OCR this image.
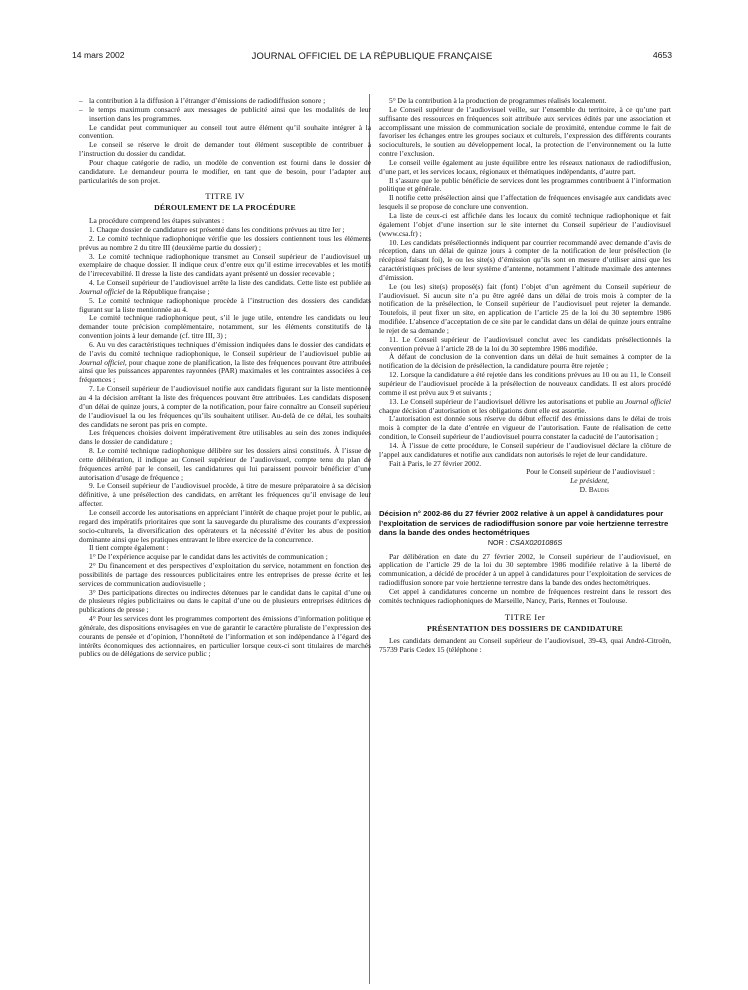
JOURNAL OFFICIEL DE LA RÉPUBLIQUE FRANÇAISE
14 mars 2002	4653

– la contribution à la diffusion à l’étranger d’émissions de radiodiffusion sonore ;

– le temps maximum consacré aux messages de publicité ainsi que les modalités de leur insertion dans les programmes.

Le candidat peut communiquer au conseil tout autre élément qu’il souhaite intégrer à la convention.

Le conseil se réserve le droit de demander tout élément susceptible de contribuer à l’instruction du dossier du candidat.

Pour chaque catégorie de radio, un modèle de convention est fourni dans le dossier de candidature. Le demandeur pourra le modifier, en tant que de besoin, pour l’adapter aux particularités de son projet.

TITRE IV

DÉROULEMENT DE LA PROCÉDURE

La procédure comprend les étapes suivantes :

1. Chaque dossier de candidature est présenté dans les conditions prévues au titre Ier ;

2. Le comité technique radiophonique vérifie que les dossiers contiennent tous les éléments prévus au nombre 2 du titre III (deuxième partie du dossier) ;

3. Le comité technique radiophonique transmet au Conseil supérieur de l’audiovisuel un exemplaire de chaque dossier. Il indique ceux d’entre eux qu’il estime irrecevables et les motifs de l’irrecevabilité. Il dresse la liste des candidats ayant présenté un dossier recevable ;

4. Le Conseil supérieur de l’audiovisuel arrête la liste des candidats. Cette liste est publiée au Journal officiel de la République française ;

5. Le comité technique radiophonique procède à l’instruction des dossiers des candidats figurant sur la liste mentionnée au 4.

Le comité technique radiophonique peut, s’il le juge utile, entendre les candidats ou leur demander toute précision complémentaire, notamment, sur les éléments constitutifs de la convention joints à leur demande (cf. titre III, 3) ;

6. Au vu des caractéristiques techniques d’émission indiquées dans le dossier des candidats et de l’avis du comité technique radiophonique, le Conseil supérieur de l’audiovisuel publie au Journal officiel, pour chaque zone de planification, la liste des fréquences pouvant être attribuées ainsi que les puissances apparentes rayonnées (PAR) maximales et les contraintes associées à ces fréquences ;

7. Le Conseil supérieur de l’audiovisuel notifie aux candidats figurant sur la liste mentionnée au 4 la décision arrêtant la liste des fréquences pouvant être attribuées. Les candidats disposent d’un délai de quinze jours, à compter de la notification, pour faire connaître au Conseil supérieur de l’audiovisuel la ou les fréquences qu’ils souhaitent utiliser. Au-delà de ce délai, les souhaits des candidats ne seront pas pris en compte.

Les fréquences choisies doivent impérativement être utilisables au sein des zones indiquées dans le dossier de candidature ;

8. Le comité technique radiophonique délibère sur les dossiers ainsi constitués. À l’issue de cette délibération, il indique au Conseil supérieur de l’audiovisuel, compte tenu du plan de fréquences arrêté par le conseil, les candidatures qui lui paraissent pouvoir bénéficier d’une autorisation d’usage de fréquence ;

9. Le Conseil supérieur de l’audiovisuel procède, à titre de mesure préparatoire à sa décision définitive, à une présélection des candidats, en arrêtant les fréquences qu’il envisage de leur affecter.

Le conseil accorde les autorisations en appréciant l’intérêt de chaque projet pour le public, au regard des impératifs prioritaires que sont la sauvegarde du pluralisme des courants d’expression socio-culturels, la diversification des opérateurs et la nécessité d’éviter les abus de position dominante ainsi que les pratiques entravant le libre exercice de la concurrence.

Il tient compte également :

1° De l’expérience acquise par le candidat dans les activités de communication ;

2° Du financement et des perspectives d’exploitation du service, notamment en fonction des possibilités de partage des ressources publicitaires entre les entreprises de presse écrite et les services de communication audiovisuelle ;

3° Des participations directes ou indirectes détenues par le candidat dans le capital d’une ou de plusieurs régies publicitaires ou dans le capital d’une ou de plusieurs entreprises éditrices de publications de presse ;

4° Pour les services dont les programmes comportent des émissions d’information politique et générale, des dispositions envisagées en vue de garantir le caractère pluraliste de l’expression des courants de pensée et d’opinion, l’honnêteté de l’information et son indépendance à l’égard des intérêts économiques des actionnaires, en particulier lorsque ceux-ci sont titulaires de marchés publics ou de délégations de service public ;

5° De la contribution à la production de programmes réalisés localement.

Le Conseil supérieur de l’audiovisuel veille, sur l’ensemble du territoire, à ce qu’une part suffisante des ressources en fréquences soit attribuée aux services édités par une association et accomplissant une mission de communication sociale de proximité, entendue comme le fait de favoriser les échanges entre les groupes sociaux et culturels, l’expression des différents courants socioculturels, le soutien au développement local, la protection de l’environnement ou la lutte contre l’exclusion.

Le conseil veille également au juste équilibre entre les réseaux nationaux de radiodiffusion, d’une part, et les services locaux, régionaux et thématiques indépendants, d’autre part.

Il s’assure que le public bénéficie de services dont les programmes contribuent à l’information politique et générale.

Il notifie cette présélection ainsi que l’affectation de fréquences envisagée aux candidats avec lesquels il se propose de conclure une convention.

La liste de ceux-ci est affichée dans les locaux du comité technique radiophonique et fait également l’objet d’une insertion sur le site internet du Conseil supérieur de l’audiovisuel (www.csa.fr) ;

10. Les candidats présélectionnés indiquent par courrier recommandé avec demande d’avis de réception, dans un délai de quinze jours à compter de la notification de leur présélection (le récépissé faisant foi), le ou les site(s) d’émission qu’ils sont en mesure d’utiliser ainsi que les caractéristiques précises de leur système d’antenne, notamment l’altitude maximale des antennes d’émission.

Le (ou les) site(s) proposé(s) fait (font) l’objet d’un agrément du Conseil supérieur de l’audiovisuel. Si aucun site n’a pu être agréé dans un délai de trois mois à compter de la notification de la présélection, le Conseil supérieur de l’audiovisuel peut rejeter la demande. Toutefois, il peut fixer un site, en application de l’article 25 de la loi du 30 septembre 1986 modifiée. L’absence d’acceptation de ce site par le candidat dans un délai de quinze jours entraîne le rejet de sa demande ;

11. Le Conseil supérieur de l’audiovisuel conclut avec les candidats présélectionnés la convention prévue à l’article 28 de la loi du 30 septembre 1986 modifiée.

À défaut de conclusion de la convention dans un délai de huit semaines à compter de la notification de la décision de présélection, la candidature pourra être rejetée ;

12. Lorsque la candidature a été rejetée dans les conditions prévues au 10 ou au 11, le Conseil supérieur de l’audiovisuel procède à la présélection de nouveaux candidats. Il est alors procédé comme il est prévu aux 9 et suivants ;

13. Le Conseil supérieur de l’audiovisuel délivre les autorisations et publie au Journal officiel chaque décision d’autorisation et les obligations dont elle est assortie.

L’autorisation est donnée sous réserve du début effectif des émissions dans le délai de trois mois à compter de la date d’entrée en vigueur de l’autorisation. Faute de réalisation de cette condition, le Conseil supérieur de l’audiovisuel pourra constater la caducité de l’autorisation ;

14. À l’issue de cette procédure, le Conseil supérieur de l’audiovisuel déclare la clôture de l’appel aux candidatures et notifie aux candidats non autorisés le rejet de leur candidature.

Fait à Paris, le 27 février 2002.

Pour le Conseil supérieur de l’audiovisuel :

Le président,

D. Baudis

Décision n° 2002-86 du 27 février 2002 relative à un appel à candidatures pour l’exploitation de services de radiodiffusion sonore par voie hertzienne terrestre dans la bande des ondes hectométriques

NOR : CSAX0201086S

Par délibération en date du 27 février 2002, le Conseil supérieur de l’audiovisuel, en application de l’article 29 de la loi du 30 septembre 1986 modifiée relative à la liberté de communication, a décidé de procéder à un appel à candidatures pour l’exploitation de services de radiodiffusion sonore par voie hertzienne terrestre dans la bande des ondes hectométriques.

Cet appel à candidatures concerne un nombre de fréquences restreint dans le ressort des comités techniques radiophoniques de Marseille, Nancy, Paris, Rennes et Toulouse.

TITRE Ier

PRÉSENTATION DES DOSSIERS DE CANDIDATURE

Les candidats demandent au Conseil supérieur de l’audiovisuel, 39-43, quai André-Citroën, 75739 Paris Cedex 15 (téléphone :
